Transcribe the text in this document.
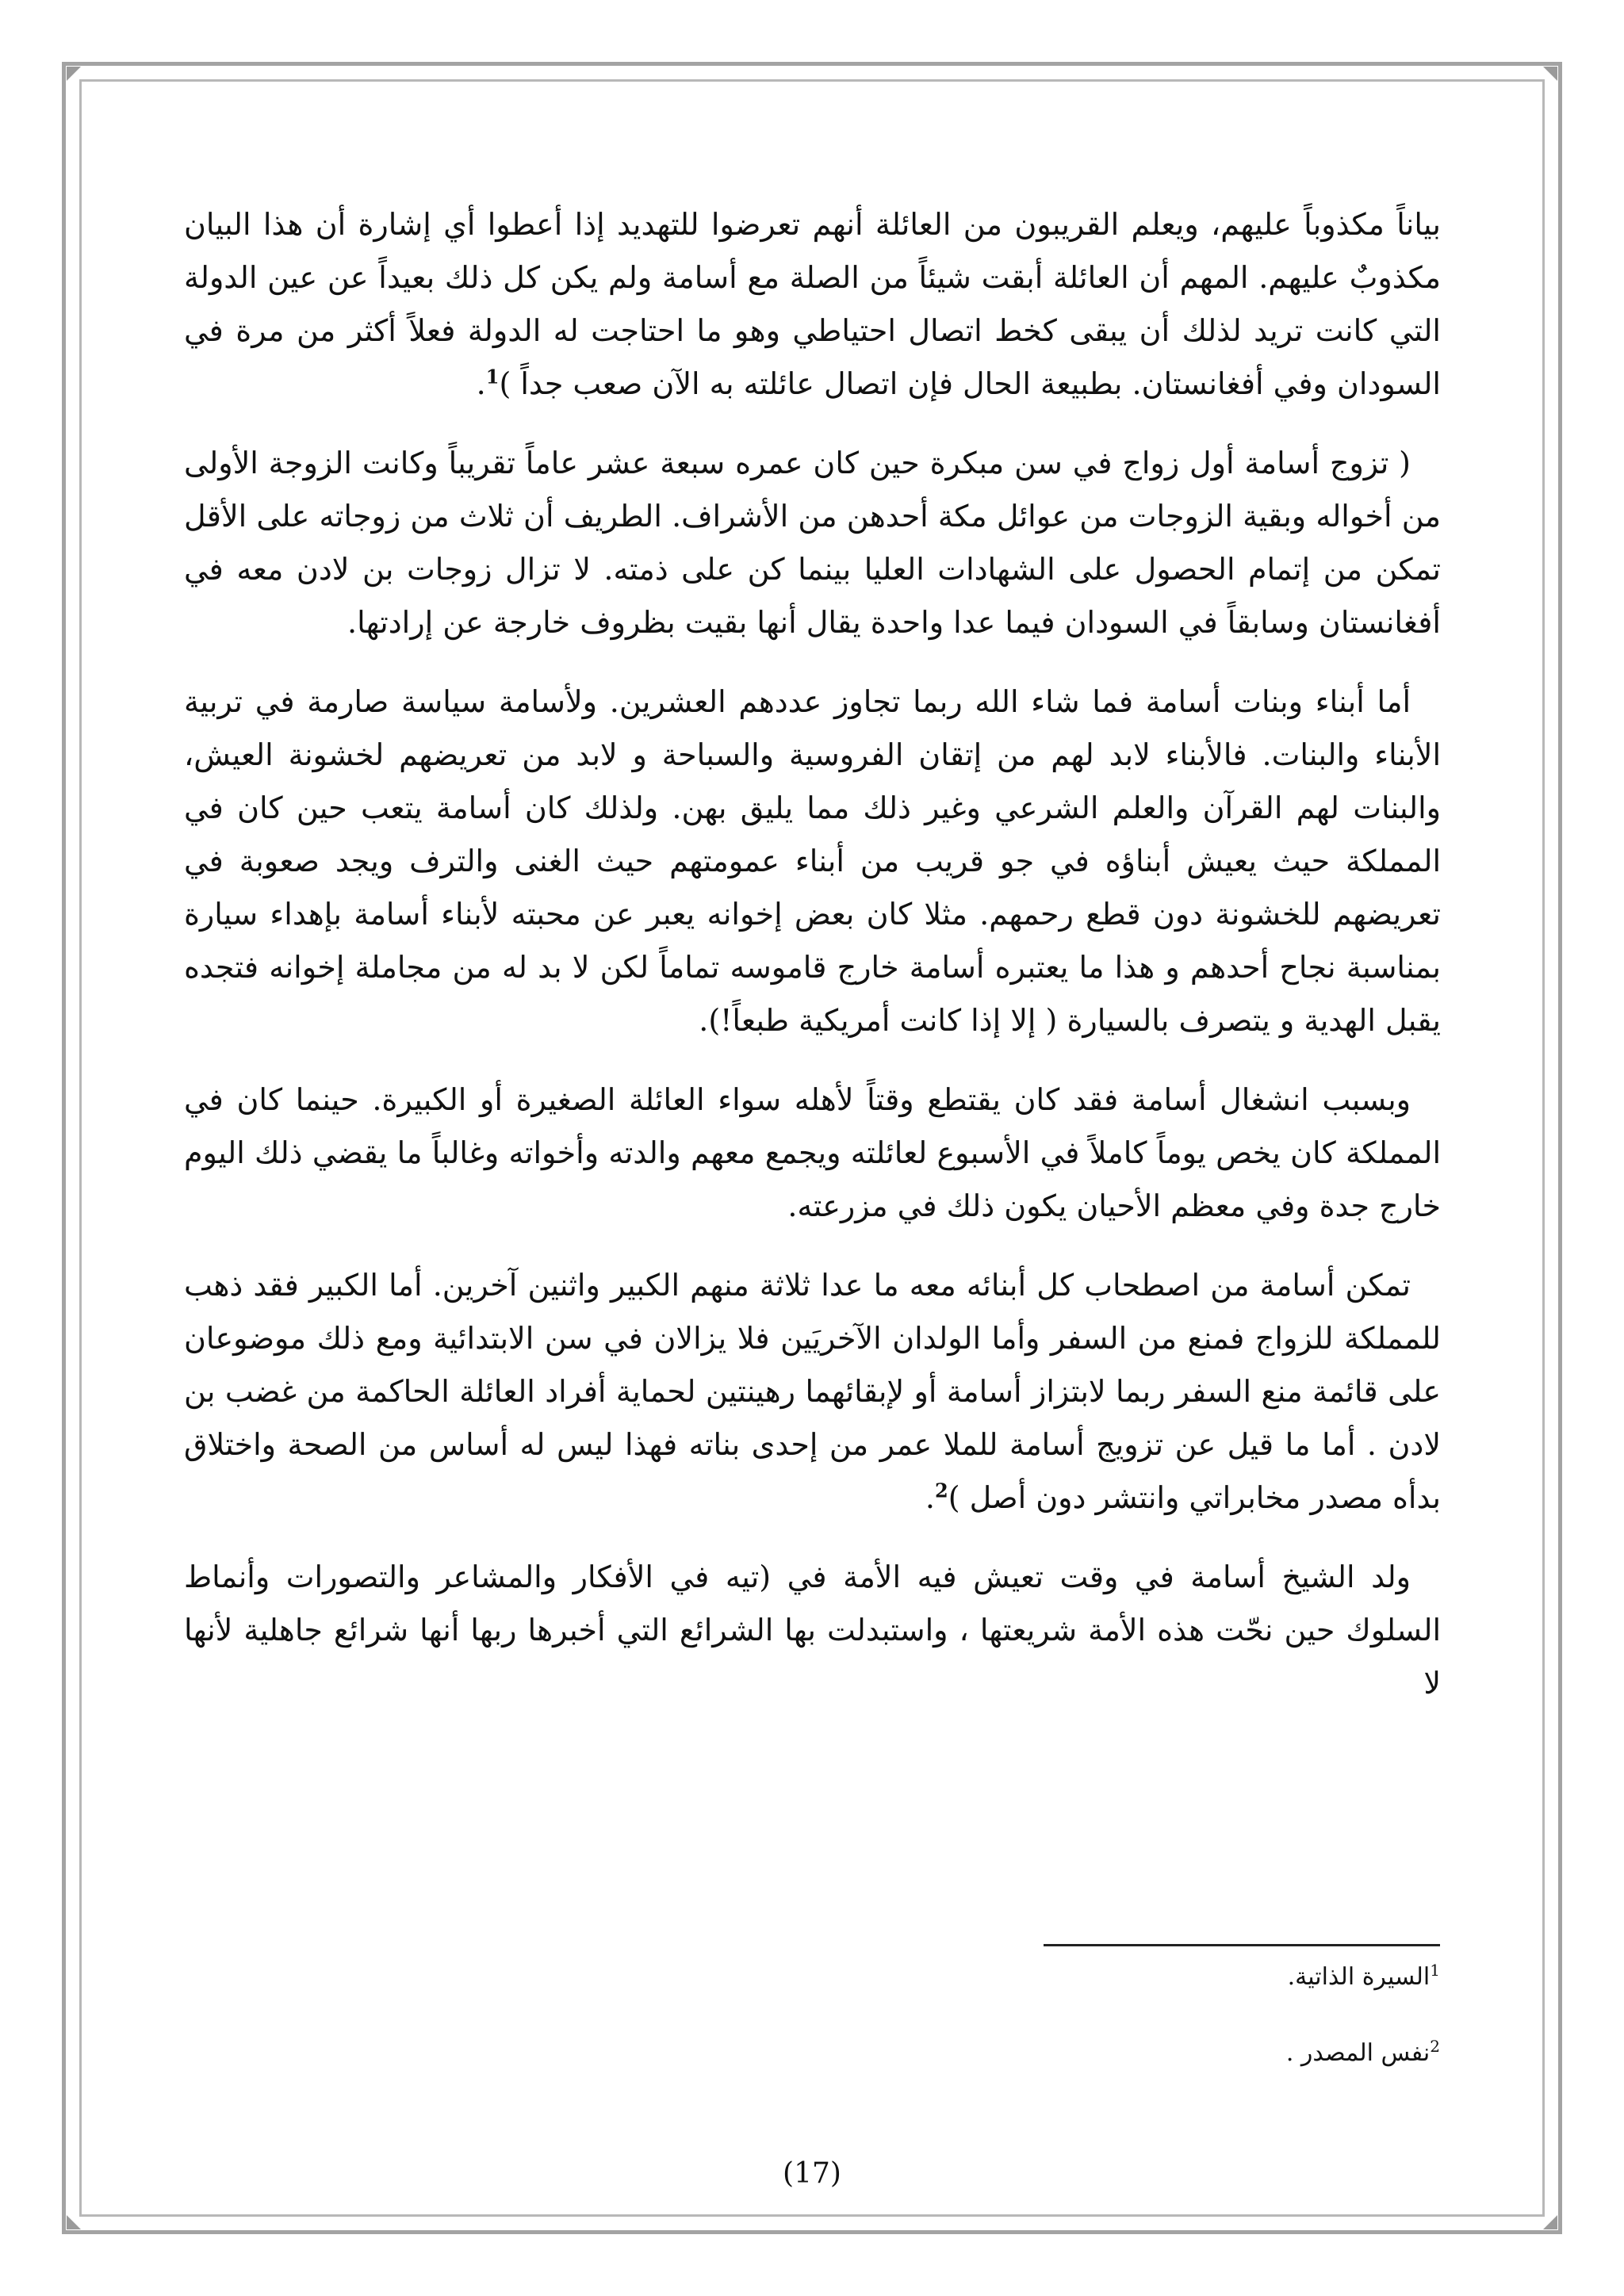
بياناً مكذوباً عليهم، ويعلم القريبون من العائلة أنهم تعرضوا للتهديد إذا أعطوا أي إشارة أن هذا البيان مكذوبٌ عليهم. المهم أن العائلة أبقت شيئاً من الصلة مع أسامة ولم يكن كل ذلك بعيداً عن عين الدولة التي كانت تريد لذلك أن يبقى كخط اتصال احتياطي وهو ما احتاجت له الدولة فعلاً أكثر من مرة في السودان وفي أفغانستان. بطبيعة الحال فإن اتصال عائلته به الآن صعب جداً )$^1$.

( تزوج أسامة أول زواج في سن مبكرة حين كان عمره سبعة عشر عاماً تقريباً وكانت الزوجة الأولى من أخواله وبقية الزوجات من عوائل مكة أحدهن من الأشراف. الطريف أن ثلاث من زوجاته على الأقل تمكن من إتمام الحصول على الشهادات العليا بينما كن على ذمته. لا تزال زوجات بن لادن معه في أفغانستان وسابقاً في السودان فيما عدا واحدة يقال أنها بقيت بظروف خارجة عن إرادتها.

أما أبناء وبنات أسامة فما شاء الله ربما تجاوز عددهم العشرين. ولأسامة سياسة صارمة في تربية الأبناء والبنات. فالأبناء لابد لهم من إتقان الفروسية والسباحة و لابد من تعريضهم لخشونة العيش، والبنات لهم القرآن والعلم الشرعي وغير ذلك مما يليق بهن. ولذلك كان أسامة يتعب حين كان في المملكة حيث يعيش أبناؤه في جو قريب من أبناء عمومتهم حيث الغنى والترف ويجد صعوبة في تعريضهم للخشونة دون قطع رحمهم. مثلا كان بعض إخوانه يعبر عن محبته لأبناء أسامة بإهداء سيارة بمناسبة نجاح أحدهم و هذا ما يعتبره أسامة خارج قاموسه تماماً لكن لا بد له من مجاملة إخوانه فتجده يقبل الهدية و يتصرف بالسيارة ( إلا إذا كانت أمريكية طبعاً!).

وبسبب انشغال أسامة فقد كان يقتطع وقتاً لأهله سواء العائلة الصغيرة أو الكبيرة. حينما كان في المملكة كان يخص يوماً كاملاً في الأسبوع لعائلته ويجمع معهم والدته وأخواته وغالباً ما يقضي ذلك اليوم خارج جدة وفي معظم الأحيان يكون ذلك في مزرعته.

تمكن أسامة من اصطحاب كل أبنائه معه ما عدا ثلاثة منهم الكبير واثنين آخرين. أما الكبير فقد ذهب للمملكة للزواج فمنع من السفر وأما الولدان الآخريَين فلا يزالان في سن الابتدائية ومع ذلك موضوعان على قائمة منع السفر ربما لابتزاز أسامة أو لإبقائهما رهينتين لحماية أفراد العائلة الحاكمة من غضب بن لادن . أما ما قيل عن تزويج أسامة للملا عمر من إحدى بناته فهذا ليس له أساس من الصحة واختلاق بدأه مصدر مخابراتي وانتشر دون أصل )$^2$.

ولد الشيخ أسامة في وقت تعيش فيه الأمة في (تيه في الأفكار والمشاعر والتصورات وأنماط السلوك حين نحّت هذه الأمة شريعتها ، واستبدلت بها الشرائع التي أخبرها ربها أنها شرائع جاهلية لأنها لا

$^1$السيرة الذاتية.

$^2$نفس المصدر .

(17)
